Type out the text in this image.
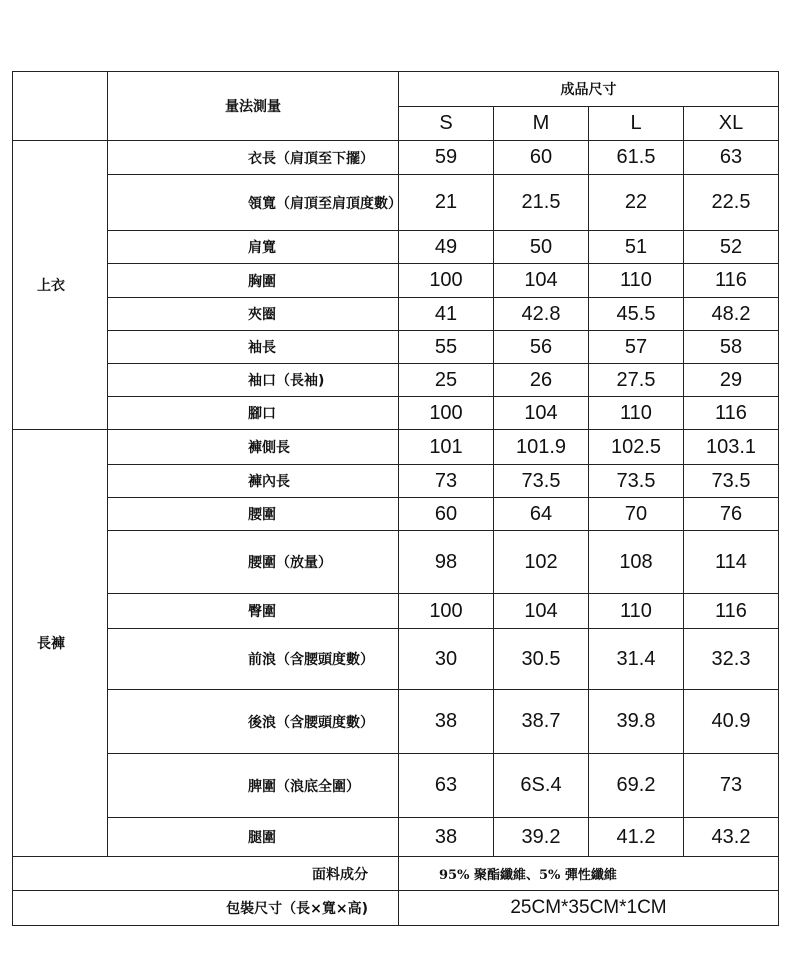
	量法測量	成品尺寸			
		S	M	L	XL
上衣	衣長（肩頂至下擺）	59	60	61.5	63
	領寬（肩頂至肩頂度數）	21	21.5	22	22.5
	肩寬	49	50	51	52
	胸圍	100	104	110	116
	夾圈	41	42.8	45.5	48.2
	袖長	55	56	57	58
	袖口（長袖)	25	26	27.5	29
	腳口	100	104	110	116
長褲	褲側長	101	101.9	102.5	103.1
	褲內長	73	73.5	73.5	73.5
	腰圍	60	64	70	76
	腰圍（放量）	98	102	108	114
	臀圍	100	104	110	116
	前浪（含腰頭度數）	30	30.5	31.4	32.3
	後浪（含腰頭度數）	38	38.7	39.8	40.9
	脾圍（浪底全圍）	63	6S.4	69.2	73
	腿圍	38	39.2	41.2	43.2
面料成分		95% 聚酯纖維、5% 彈性纖維			
包裝尺寸（長×寬×高)		25CM*35CM*1CM			
